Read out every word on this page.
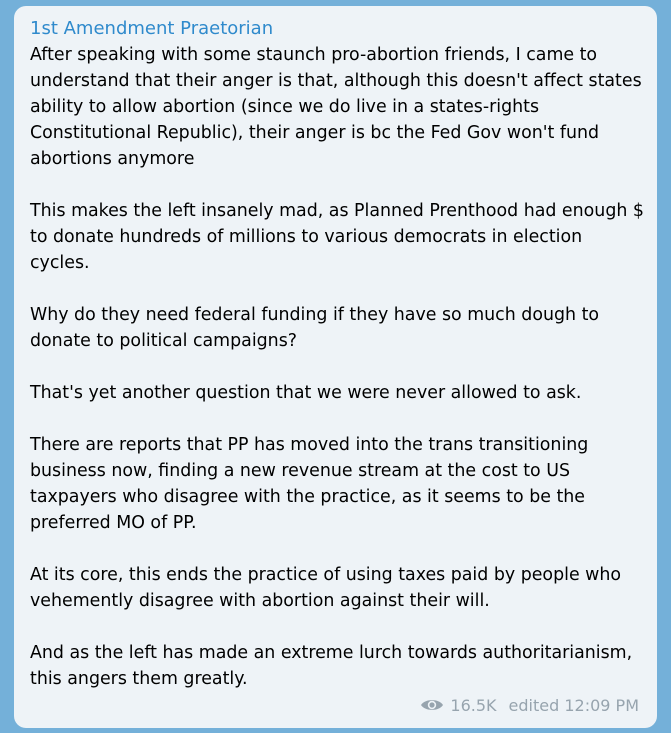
1st Amendment Praetorian

After speaking with some staunch pro-abortion friends, I came to understand that their anger is that, although this doesn't affect states ability to allow abortion (since we do live in a states-rights Constitutional Republic), their anger is bc the Fed Gov won't fund abortions anymore

This makes the left insanely mad, as Planned Prenthood had enough $ to donate hundreds of millions to various democrats in election cycles.

Why do they need federal funding if they have so much dough to donate to political campaigns?

That's yet another question that we were never allowed to ask.

There are reports that PP has moved into the trans transitioning business now, finding a new revenue stream at the cost to US taxpayers who disagree with the practice, as it seems to be the preferred MO of PP.

At its core, this ends the practice of using taxes paid by people who vehemently disagree with abortion against their will.

And as the left has made an extreme lurch towards authoritarianism, this angers them greatly.

16.5K edited 12:09 PM
